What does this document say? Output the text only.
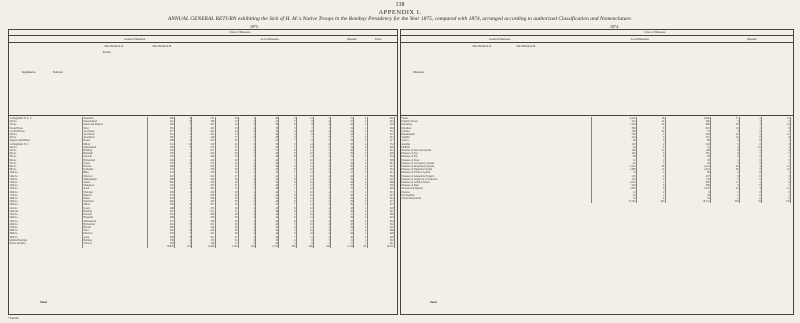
138
APPENDIX I.
ANNUAL GENERAL RETURN exhibiting the Sick of H. M.'s Native Troops in the Bombay Presidency for the Year 1875, compared with 1874, arranged according to authorized Classification and Nomenclature.
1875.	1874.
Class of Diseases.
General Diseases.	Local Diseases.
Sub-Division A.	Sub-Division B.
Fevers.
Injuries.	Total.
Regiments.	Stations.
Class of Diseases.
General Diseases.	Local Diseases.
Sub-Division A.	Sub-Division B.
Injuries.
Diseases.
1st Regiment N. L. C.	Neemuch	468	8	271	36	5	48	8	12	5	31	4	410
2nd do.	Nusseerabad	412	6	198	22	3	41	5	9	4	27	2	342
3rd do.	Deesa and Rajkote	390	5	187	19	2	36	6	8	3	22	1	318
Poona Horse	Sirur	355	4	161	18	4	30	3	7	3	19	1	286
1st Sind Horse	Jacobabad	377	7	202	24	3	33	4	10	4	24	3	331
2nd do.	Jacobabad	321	3	154	15	2	28	4	6	2	18	1	255
3rd do.	Jacobabad	300	5	149	17	2	26	3	7	3	17	2	241
Sappers and Miners	Poona	488	9	233	30	5	45	7	11	5	33	3	417
1st Regiment N. I.	Mhow	611	10	310	41	6	58	9	14	6	38	4	532
2nd do.	Ahmedabad	540	8	276	35	4	50	7	12	5	34	3	468
3rd do.	Bombay	502	7	251	32	4	47	6	11	5	30	2	431
4th do.	Belgaum	478	6	240	29	3	44	6	10	4	29	2	409
5th do.	Karachi	525	9	266	33	5	49	8	12	5	31	3	454
6th do.	Hyderabad	459	6	229	28	4	42	5	10	4	27	2	390
7th do.	Poona	533	8	270	34	5	48	7	12	5	32	3	461
8th do.	Baroda	496	7	250	31	4	46	6	11	4	30	2	427
9th do.	Kolhapur	470	6	236	29	4	43	6	10	4	28	2	402
10th do.	Bhuj	512	8	259	32	5	47	7	11	5	31	3	441
11th do.	Dharwar	447	5	222	27	3	41	5	10	4	26	2	382
12th do.	Ahmednagar	488	7	246	30	4	45	6	11	4	29	2	418
13th do.	Satara	465	6	233	28	4	43	6	10	4	28	2	398
14th do.	Malegaon	501	8	253	31	5	46	7	11	5	30	3	430
15th do.	Aden	520	9	263	33	5	48	7	12	5	31	3	448
16th do.	Sholapur	458	6	229	28	4	42	5	10	4	27	2	391
17th do.	Rajkote	476	7	239	29	4	44	6	10	4	28	2	407
18th do.	Deesa	493	7	248	30	4	45	6	11	4	29	2	422
19th do.	Neemuch	482	7	243	30	4	44	6	11	4	29	2	413
20th do.	Mhow	509	8	257	32	5	47	7	11	5	30	3	437
21st do.	Poona	468	6	235	29	4	43	6	10	4	28	2	400
22nd do.	Bombay	497	7	251	31	4	46	6	11	4	30	2	425
23rd do.	Karachi	455	6	228	28	4	42	5	10	4	27	2	389
24th do.	Belgaum	489	7	246	30	4	45	6	11	4	29	2	419
25th do.	Ahmedabad	473	6	238	29	4	44	6	10	4	28	2	404
26th do.	Hyderabad	461	6	231	28	4	43	5	10	4	28	2	394
27th do.	Baroda	486	7	244	30	4	45	6	11	4	29	2	416
28th do.	Sirur	452	6	226	28	4	42	5	10	4	27	2	386
29th do.	Dharwar	479	7	241	29	4	44	6	10	4	28	2	409
30th do.	Aden	498	8	252	31	5	46	7	11	5	30	3	428
Marine Battalion	Bombay	356	4	176	21	3	33	4	8	3	21	1	302
Native Artillery	Various	284	3	140	17	2	26	3	6	2	17	1	241
		18,920	270	9,448	1,165	163	1,733	236	409	168	1,118	83	16,231
Total
Fevers	6,210	18	5,940	71	2	51
Eruptive Fevers	312	24	260	5	1	3
Dysentery	1,104	42	980	30	2	14
Diarrhœa	866	8	810	19	1	9
Cholera	148	61	72	3	0	2
Rheumatism	702	1	650	20	1	11
Syphilis	544	0	501	16	0	8
Scurvy	96	0	88	3	0	1
Anæmia	118	2	104	5	0	2
Phthisis	84	9	52	4	12	1
Diseases of Nervous System	226	11	196	8	2	4
Diseases of Eye	402	0	381	9	1	5
Diseases of Ear	88	0	82	2	0	1
Diseases of Nose	21	0	20	1	0	0
Diseases of Circulatory System	61	7	44	3	2	1
Diseases of Respiratory System	1,312	38	1,214	28	3	15
Diseases of Digestive System	1,488	12	1,401	36	2	18
Diseases of Urinary System	73	2	66	2	0	1
Diseases of Generative System	219	0	207	6	0	3
Diseases of Organs of Locomotion	143	0	132	5	0	2
Diseases of Cellular Tissue	1,022	1	985	17	1	9
Diseases of Skin	604	0	586	9	0	5
Wounds and Injuries	1,356	6	1,302	24	3	12
Poisons	12	2	9	1	0	0
Unclassified	64	1	58	2	0	1
Under Observation	33	0	31	1	0	0
	17,225	245	16,151	329	33	179
Total
* Deaths.
